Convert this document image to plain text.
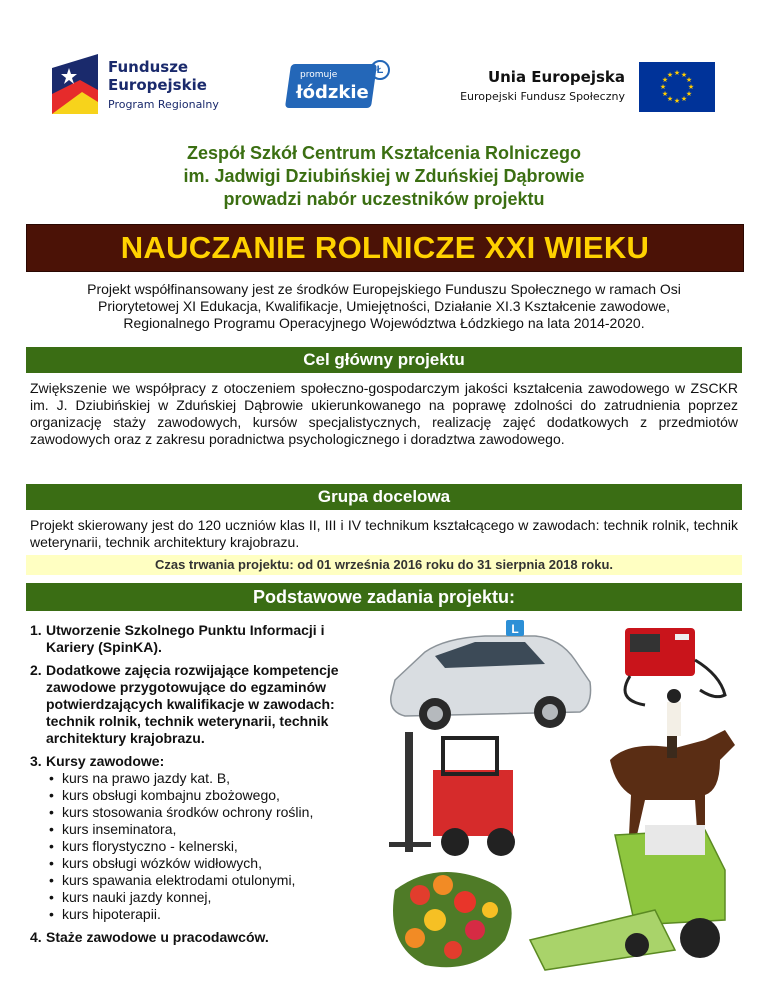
Fundusze
Europejskie
Program Regionalny
promuje
łódzkie
Ł	Unia Europejska
Europejski Fundusz Społeczny
★ ★
★
★
★
★
★
★
★
★
★
★
Zespół Szkół Centrum Kształcenia Rolniczego
im. Jadwigi Dziubińskiej w Zduńskiej Dąbrowie
prowadzi nabór uczestników projektu
NAUCZANIE ROLNICZE XXI WIEKU
Projekt współfinansowany jest ze środków Europejskiego Funduszu Społecznego w ramach Osi
Priorytetowej XI Edukacja, Kwalifikacje, Umiejętności, Działanie XI.3 Kształcenie zawodowe,
Regionalnego Programu Operacyjnego Województwa Łódzkiego na lata 2014-2020.
Cel główny projektu
Zwiększenie we współpracy z otoczeniem społeczno-gospodarczym jakości kształcenia zawodowego w ZSCKR im. J. Dziubińskiej w Zduńskiej Dąbrowie ukierunkowanego na poprawę zdolności do zatrudnienia poprzez organizację staży zawodowych, kursów specjalistycznych, realizację zajęć dodatkowych z przedmiotów zawodowych oraz z zakresu poradnictwa psychologicznego i doradztwa zawodowego.
Grupa docelowa
Projekt skierowany jest do 120 uczniów klas II, III i IV technikum kształcącego w zawodach: technik rolnik, technik weterynarii, technik architektury krajobrazu.
Czas trwania projektu: od 01 września 2016 roku do 31 sierpnia 2018 roku.
Podstawowe zadania projektu:
1. Utworzenie Szkolnego Punktu Informacji i Kariery (SpinKA).
2. Dodatkowe zajęcia rozwijające kompetencje zawodowe przygotowujące do egzaminów potwierdzających kwalifikacje w zawodach: technik rolnik, technik weterynarii, technik architektury krajobrazu.
3. Kursy zawodowe:
• kurs na prawo jazdy kat. B,
• kurs obsługi kombajnu zbożowego,
• kurs stosowania środków ochrony roślin,
• kurs inseminatora,
• kurs florystyczno - kelnerski,
• kurs obsługi wózków widłowych,
• kurs spawania elektrodami otulonymi,
• kurs nauki jazdy konnej,
• kurs hipoterapii.
4. Staże zawodowe u pracodawców.
L
